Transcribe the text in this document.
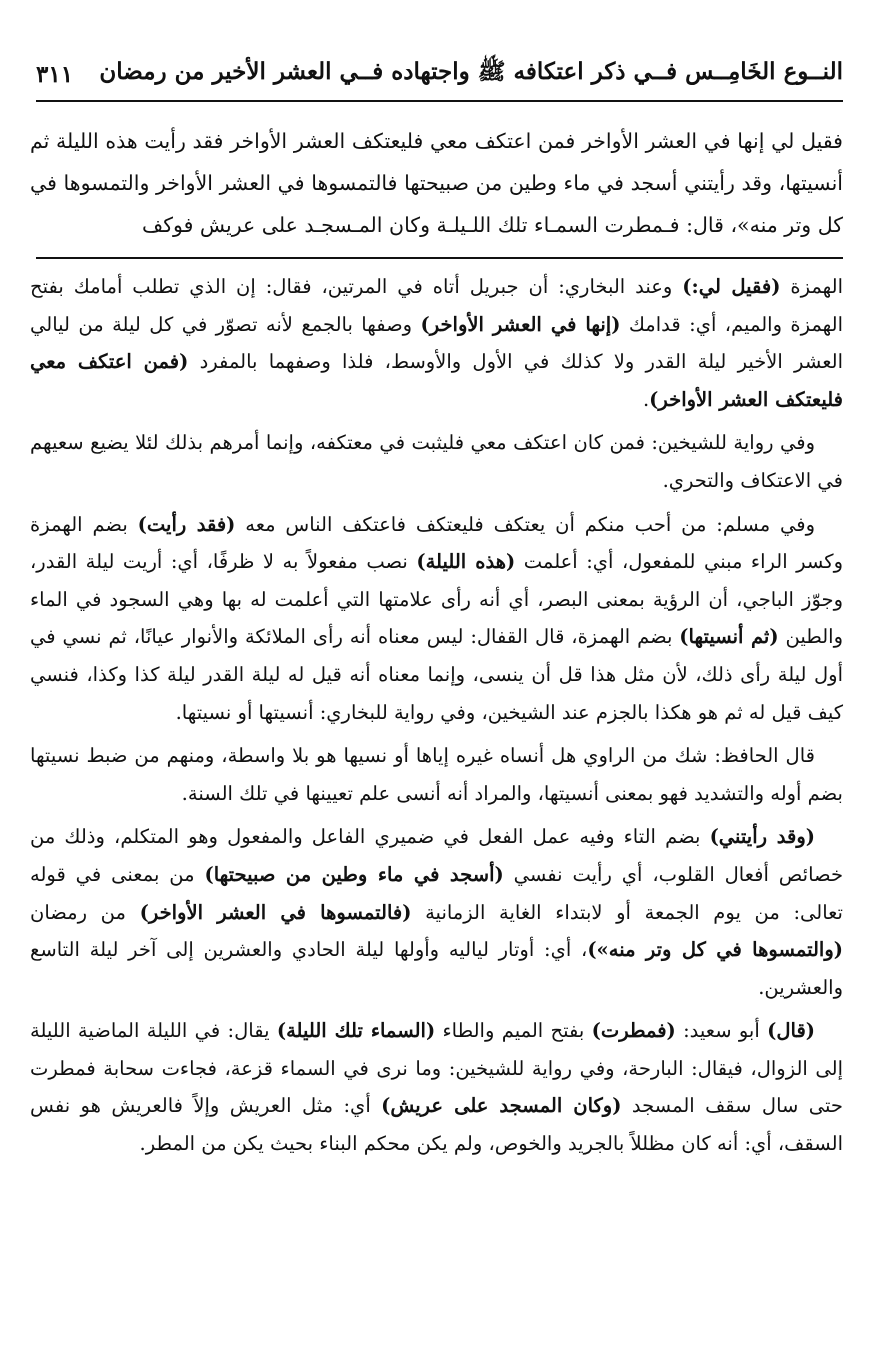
النــوع الخَامِــس فــي ذكر اعتكافه ﷺ واجتهاده فــي العشر الأخير من رمضان
٣١١

فقيل لي إنها في العشر الأواخر فمن اعتكف معي فليعتكف العشر الأواخر فقد رأيت هذه الليلة ثم أنسيتها، وقد رأيتني أسجد في ماء وطين من صبيحتها فالتمسوها في العشر الأواخر والتمسوها في كل وتر منه»، قال: فـمطرت السمـاء تلك اللـيلـة وكان المـسجـد على عريش فوكف

الهمزة (فقيل لي:) وعند البخاري: أن جبريل أتاه في المرتين، فقال: إن الذي تطلب أمامك بفتح الهمزة والميم، أي: قدامك (إنها في العشر الأواخر) وصفها بالجمع لأنه تصوّر في كل ليلة من ليالي العشر الأخير ليلة القدر ولا كذلك في الأول والأوسط، فلذا وصفهما بالمفرد (فمن اعتكف معي فليعتكف العشر الأواخر).

وفي رواية للشيخين: فمن كان اعتكف معي فليثبت في معتكفه، وإنما أمرهم بذلك لئلا يضيع سعيهم في الاعتكاف والتحري.

وفي مسلم: من أحب منكم أن يعتكف فليعتكف فاعتكف الناس معه (فقد رأيت) بضم الهمزة وكسر الراء مبني للمفعول، أي: أعلمت (هذه الليلة) نصب مفعولاً به لا ظرفًا، أي: أريت ليلة القدر، وجوّز الباجي، أن الرؤية بمعنى البصر، أي أنه رأى علامتها التي أعلمت له بها وهي السجود في الماء والطين (ثم أنسيتها) بضم الهمزة، قال القفال: ليس معناه أنه رأى الملائكة والأنوار عيانًا، ثم نسي في أول ليلة رأى ذلك، لأن مثل هذا قل أن ينسى، وإنما معناه أنه قيل له ليلة القدر ليلة كذا وكذا، فنسي كيف قيل له ثم هو هكذا بالجزم عند الشيخين، وفي رواية للبخاري: أنسيتها أو نسيتها.

قال الحافظ: شك من الراوي هل أنساه غيره إياها أو نسيها هو بلا واسطة، ومنهم من ضبط نسيتها بضم أوله والتشديد فهو بمعنى أنسيتها، والمراد أنه أنسى علم تعيينها في تلك السنة.

(وقد رأيتني) بضم التاء وفيه عمل الفعل في ضميري الفاعل والمفعول وهو المتكلم، وذلك من خصائص أفعال القلوب، أي رأيت نفسي (أسجد في ماء وطين من صبيحتها) من بمعنى في قوله تعالى: من يوم الجمعة أو لابتداء الغاية الزمانية (فالتمسوها في العشر الأواخر) من رمضان (والتمسوها في كل وتر منه»)، أي: أوتار لياليه وأولها ليلة الحادي والعشرين إلى آخر ليلة التاسع والعشرين.

(قال) أبو سعيد: (فمطرت) بفتح الميم والطاء (السماء تلك الليلة) يقال: في الليلة الماضية الليلة إلى الزوال، فيقال: البارحة، وفي رواية للشيخين: وما نرى في السماء قزعة، فجاءت سحابة فمطرت حتى سال سقف المسجد (وكان المسجد على عريش) أي: مثل العريش وإلاً فالعريش هو نفس السقف، أي: أنه كان مظللاً بالجريد والخوص، ولم يكن محكم البناء بحيث يكن من المطر.
